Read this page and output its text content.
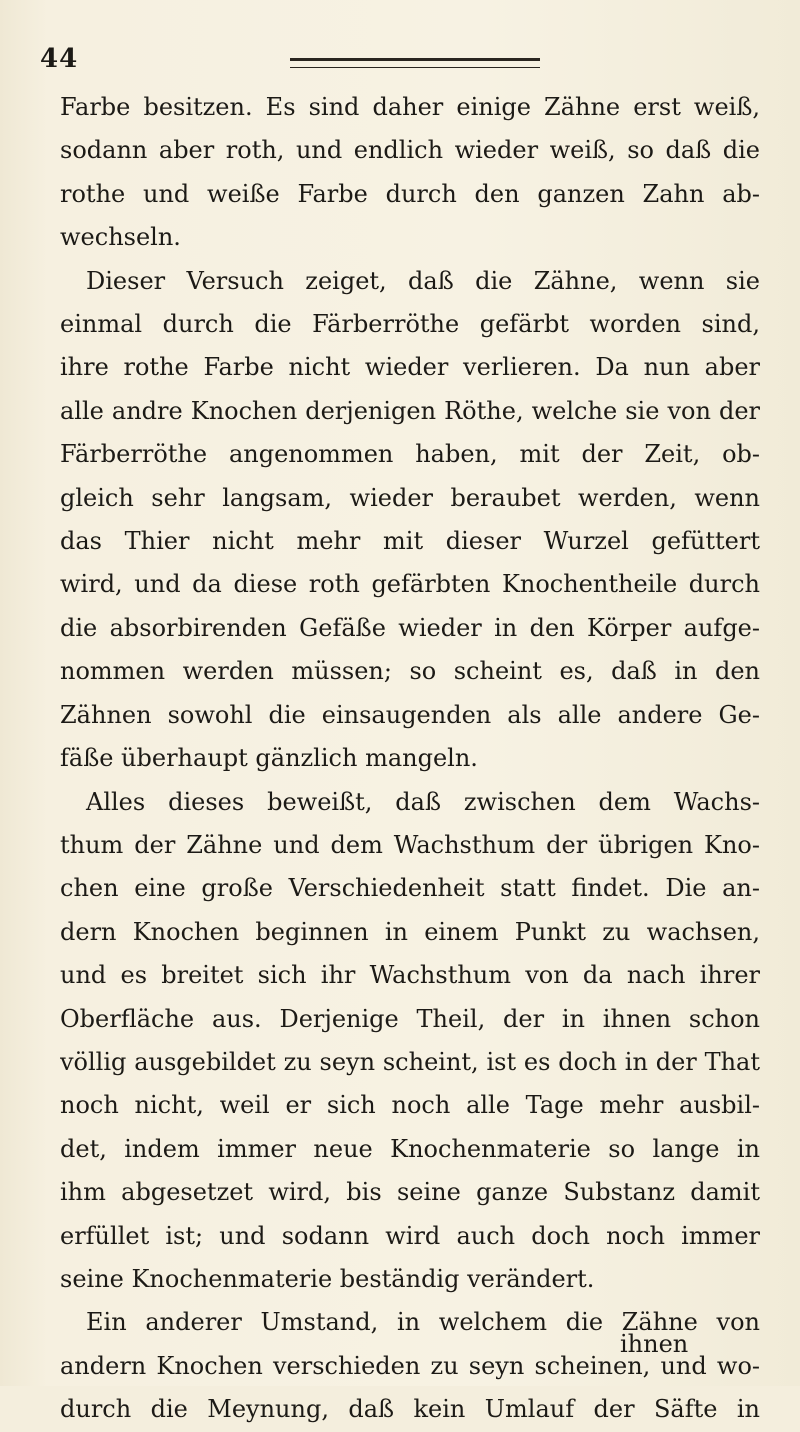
44
Farbe besitzen. Es sind daher einige Zähne erst weiß,
sodann aber roth, und endlich wieder weiß, so daß die
rothe und weiße Farbe durch den ganzen Zahn ab-
wechseln.
Dieser Versuch zeiget, daß die Zähne, wenn sie
einmal durch die Färberröthe gefärbt worden sind,
ihre rothe Farbe nicht wieder verlieren. Da nun aber
alle andre Knochen derjenigen Röthe, welche sie von der
Färberröthe angenommen haben, mit der Zeit, ob-
gleich sehr langsam, wieder beraubet werden, wenn
das Thier nicht mehr mit dieser Wurzel gefüttert
wird, und da diese roth gefärbten Knochentheile durch
die absorbirenden Gefäße wieder in den Körper aufge-
nommen werden müssen; so scheint es, daß in den
Zähnen sowohl die einsaugenden als alle andere Ge-
fäße überhaupt gänzlich mangeln.
Alles dieses beweißt, daß zwischen dem Wachs-
thum der Zähne und dem Wachsthum der übrigen Kno-
chen eine große Verschiedenheit statt findet. Die an-
dern Knochen beginnen in einem Punkt zu wachsen,
und es breitet sich ihr Wachsthum von da nach ihrer
Oberfläche aus. Derjenige Theil, der in ihnen schon
völlig ausgebildet zu seyn scheint, ist es doch in der That
noch nicht, weil er sich noch alle Tage mehr ausbil-
det, indem immer neue Knochenmaterie so lange in
ihm abgesetzet wird, bis seine ganze Substanz damit
erfüllet ist; und sodann wird auch doch noch immer
seine Knochenmaterie beständig verändert.
Ein anderer Umstand, in welchem die Zähne von
andern Knochen verschieden zu seyn scheinen, und wo-
durch die Meynung, daß kein Umlauf der Säfte in
ihnen
